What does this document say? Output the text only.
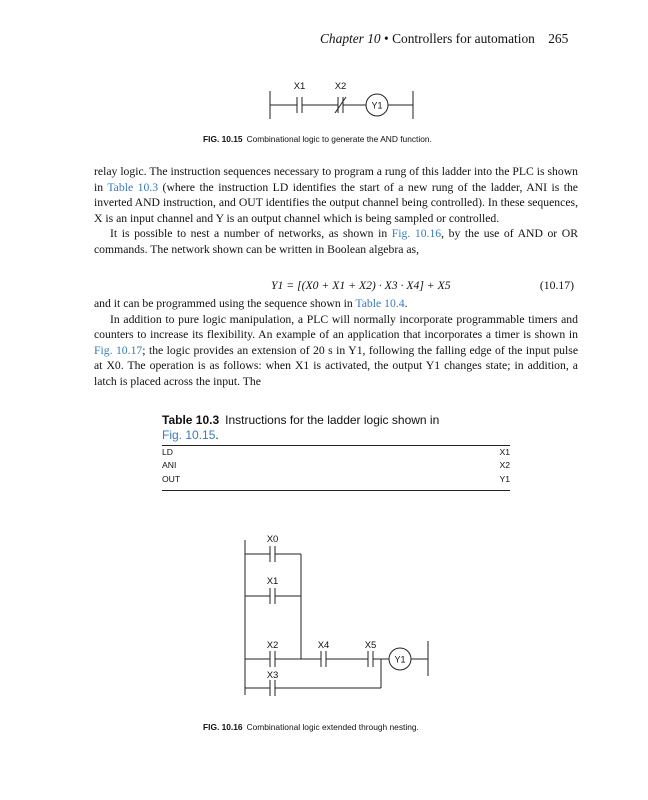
Chapter 10 • Controllers for automation 265
X1	X2
Y1
FIG. 10.15 Combinational logic to generate the AND function.

relay logic. The instruction sequences necessary to program a rung of this ladder into the PLC is shown in Table 10.3 (where the instruction LD identifies the start of a new rung of the ladder, ANI is the inverted AND instruction, and OUT identifies the output channel being controlled). In these sequences, X is an input channel and Y is an output channel which is being sampled or controlled.

It is possible to nest a number of networks, as shown in Fig. 10.16, by the use of AND or OR commands. The network shown can be written in Boolean algebra as,

Y1 = [(X0 + X1 + X2) · X3 · X4] + X5	(10.17)

and it can be programmed using the sequence shown in Table 10.4.

In addition to pure logic manipulation, a PLC will normally incorporate programmable timers and counters to increase its flexibility. An example of an application that incorporates a timer is shown in Fig. 10.17; the logic provides an extension of 20 s in Y1, following the falling edge of the input pulse at X0. The operation is as follows: when X1 is activated, the output Y1 changes state; in addition, a latch is placed across the input. The

Table 10.3 Instructions for the ladder logic shown in
Fig. 10.15.
LD	X1
ANI	X2
OUT	Y1
X0
X1
X2	X4	X5
Y1
X3
FIG. 10.16 Combinational logic extended through nesting.
